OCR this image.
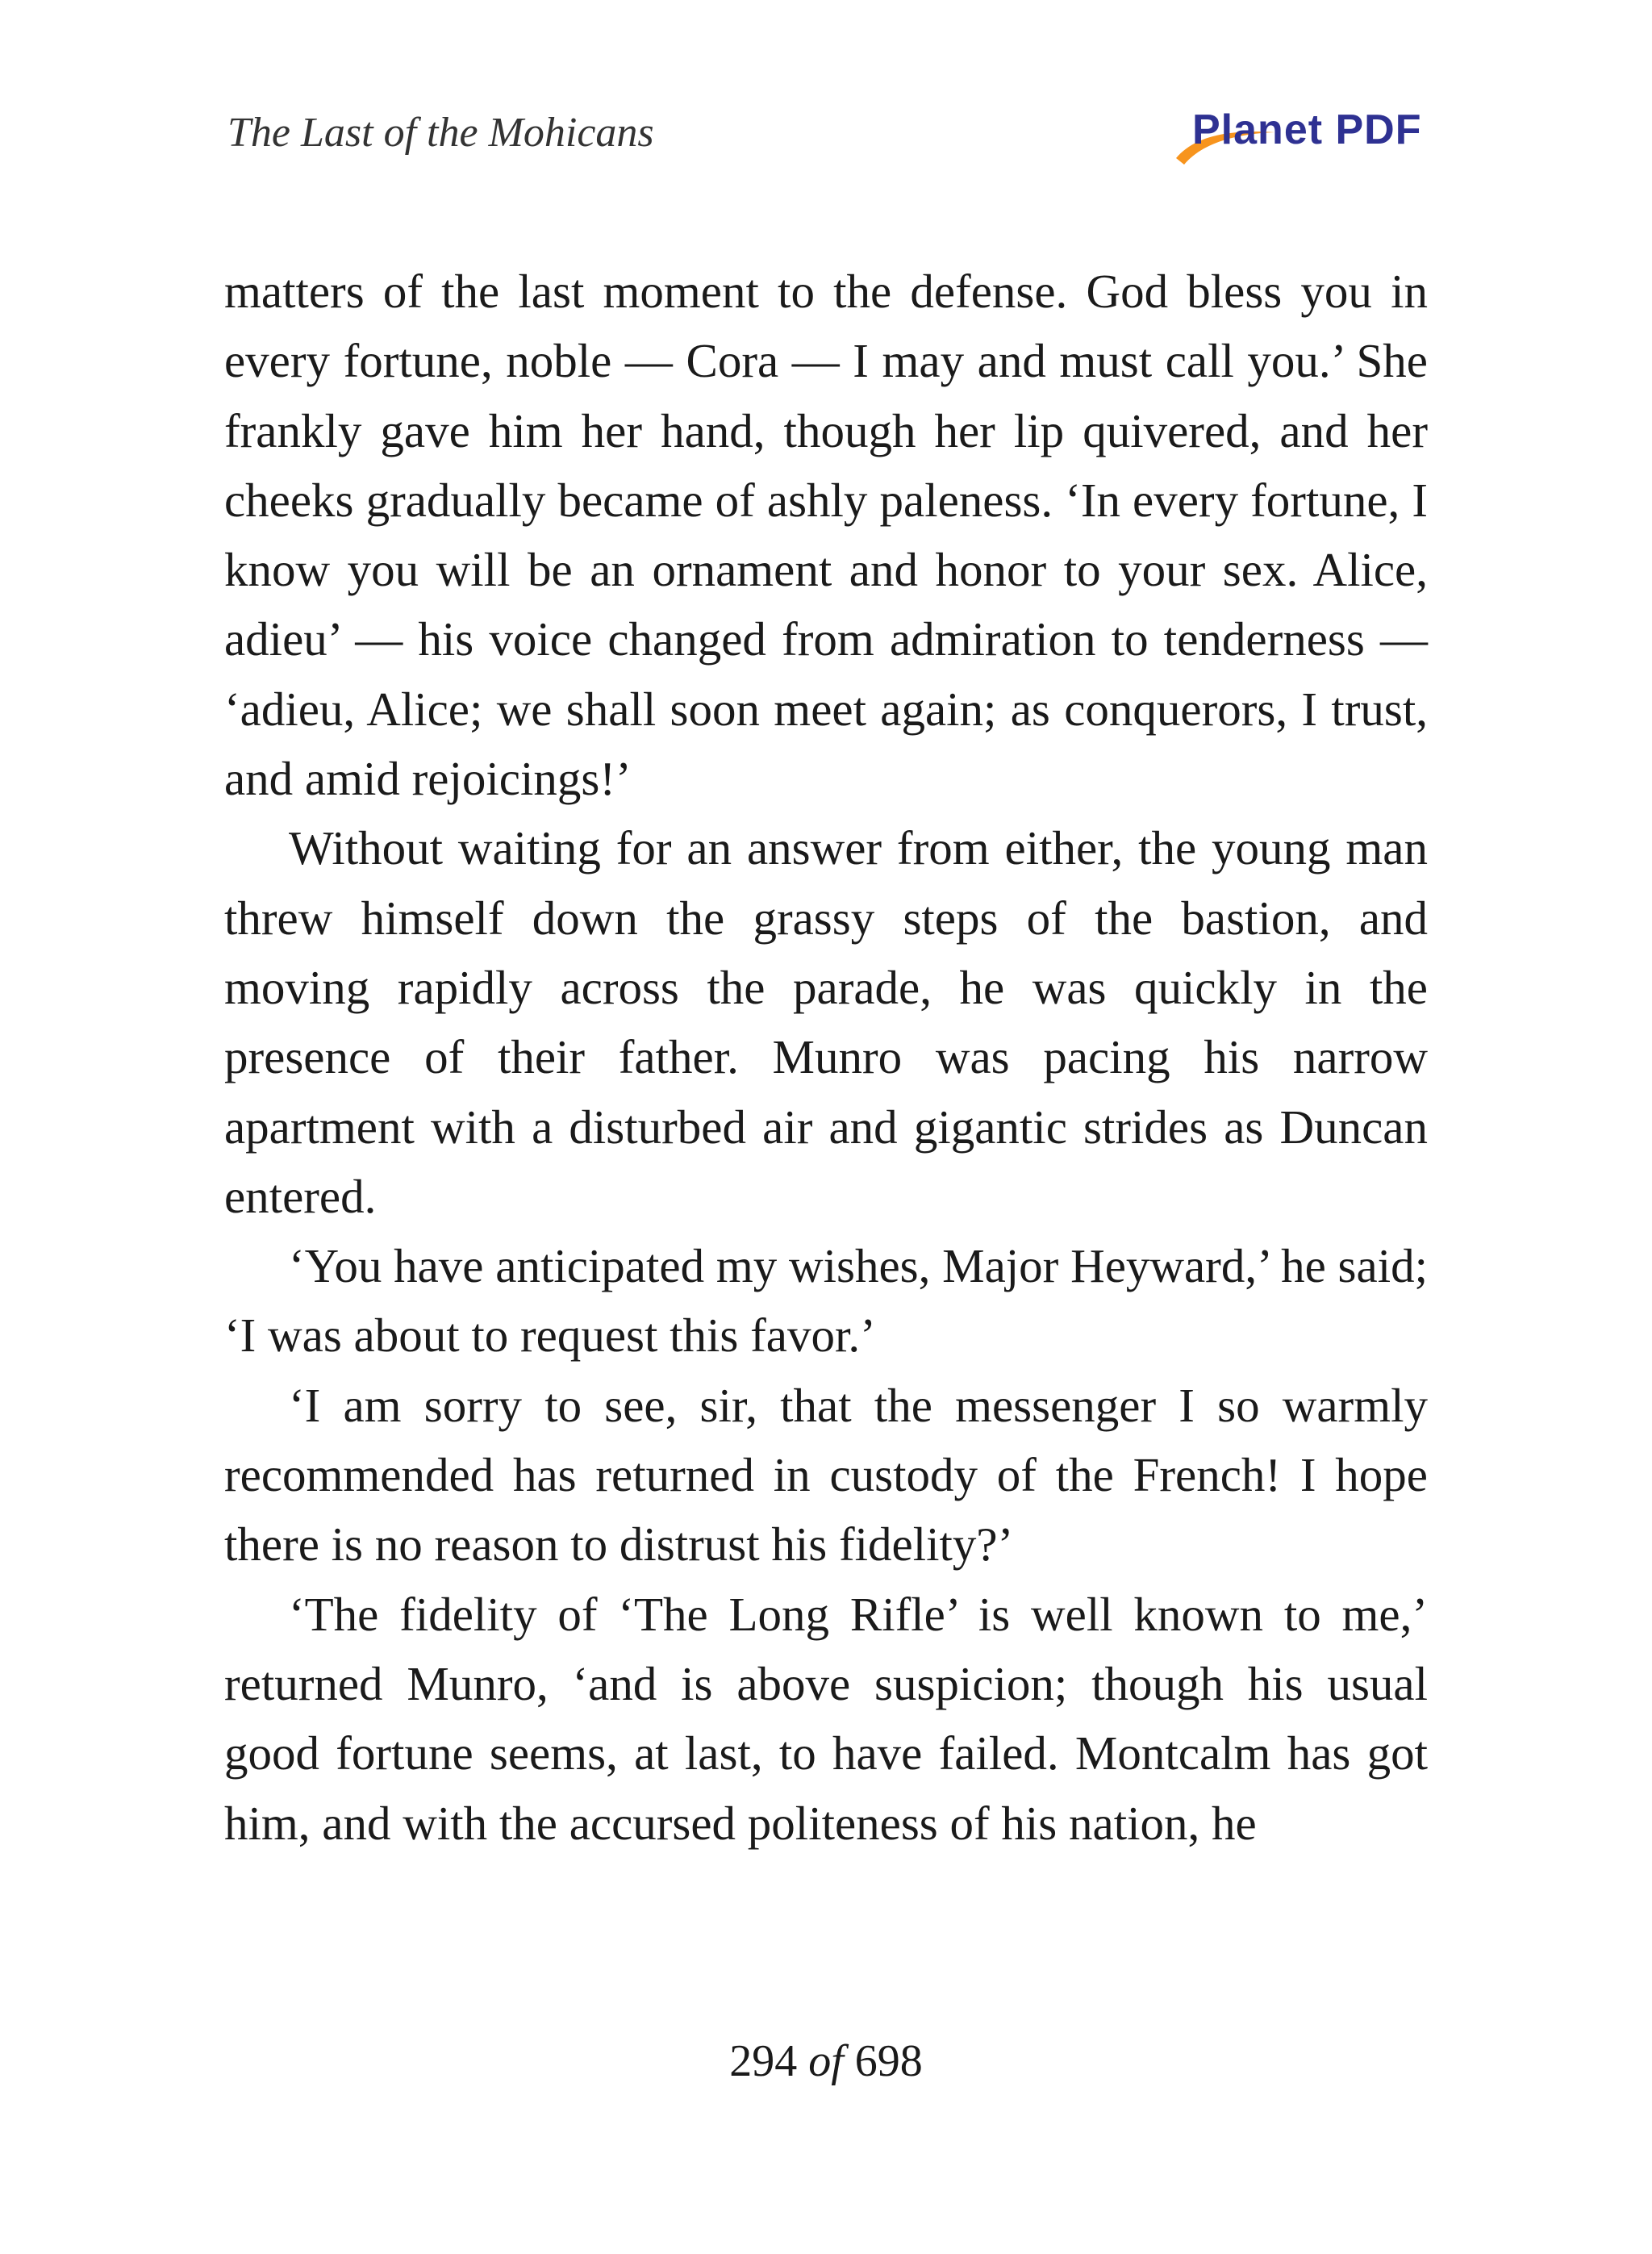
The Last of the Mohicans	Planet PDF

matters of the last moment to the defense. God bless you in every fortune, noble — Cora — I may and must call you.’ She frankly gave him her hand, though her lip quivered, and her cheeks gradually became of ashly paleness. ‘In every fortune, I know you will be an ornament and honor to your sex. Alice, adieu’ — his voice changed from admiration to tenderness — ‘adieu, Alice; we shall soon meet again; as conquerors, I trust, and amid rejoicings!’

Without waiting for an answer from either, the young man threw himself down the grassy steps of the bastion, and moving rapidly across the parade, he was quickly in the presence of their father. Munro was pacing his narrow apartment with a disturbed air and gigantic strides as Duncan entered.

‘You have anticipated my wishes, Major Heyward,’ he said; ‘I was about to request this favor.’

‘I am sorry to see, sir, that the messenger I so warmly recommended has returned in custody of the French! I hope there is no reason to distrust his fidelity?’

‘The fidelity of ‘The Long Rifle’ is well known to me,’ returned Munro, ‘and is above suspicion; though his usual good fortune seems, at last, to have failed. Montcalm has got him, and with the accursed politeness of his nation, he

294 of 698
